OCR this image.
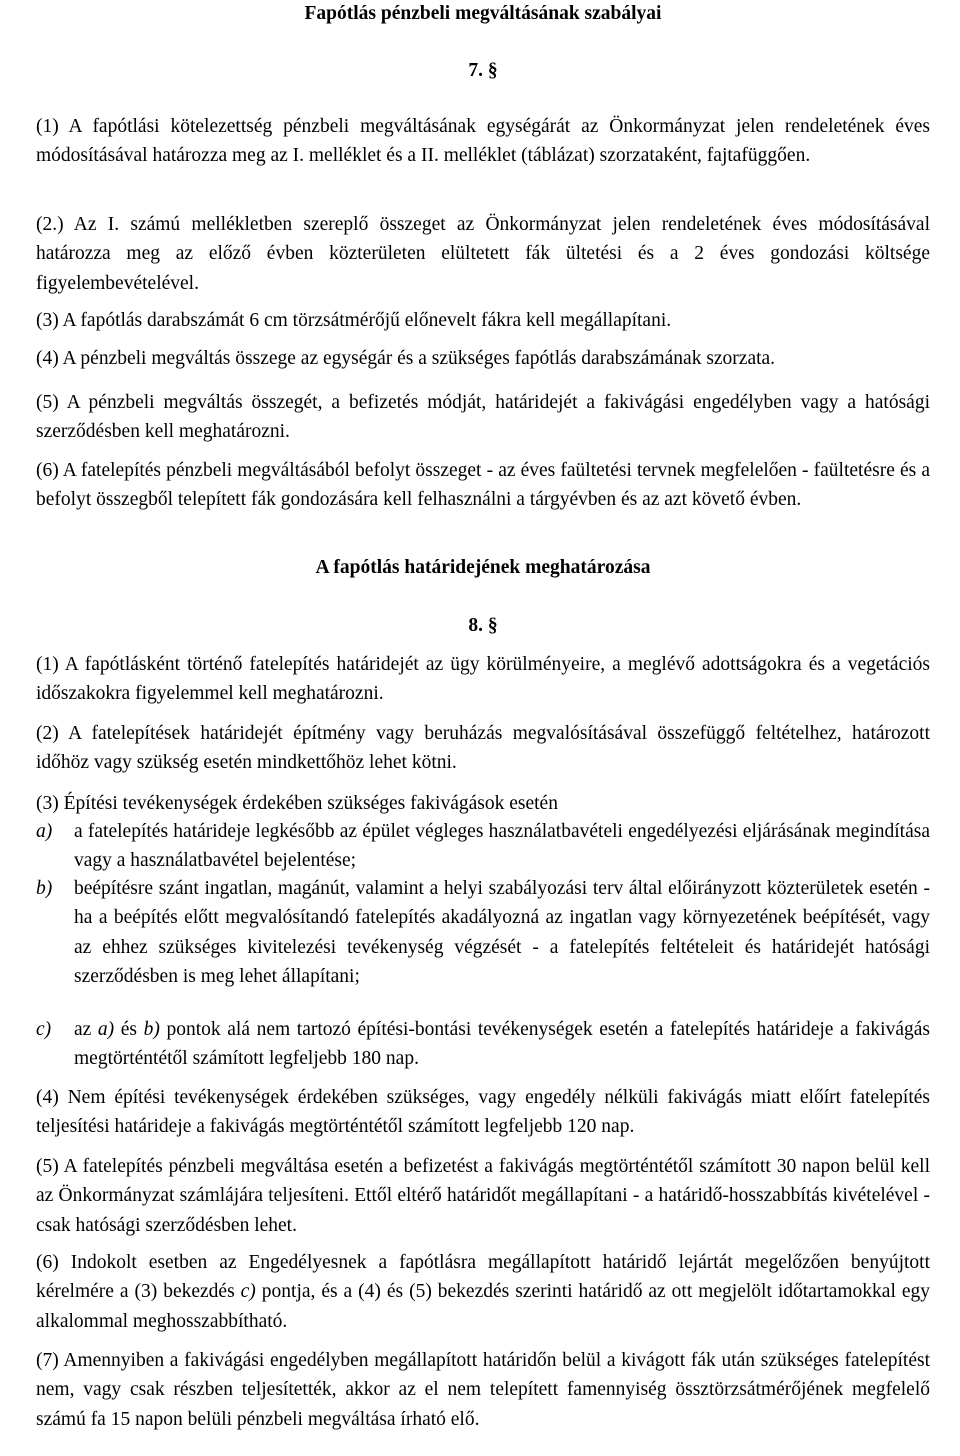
Fapótlás pénzbeli megváltásának szabályai

7. §

(1) A fapótlási kötelezettség pénzbeli megváltásának egységárát az Önkormányzat jelen rendeletének éves módosításával határozza meg az I. melléklet és a II. melléklet (táblázat) szorzataként, fajtafüggően.

(2.) Az I. számú mellékletben szereplő összeget az Önkormányzat jelen rendeletének éves módosításával határozza meg az előző évben közterületen elültetett fák ültetési és a 2 éves gondozási költsége figyelembevételével.

(3) A fapótlás darabszámát 6 cm törzsátmérőjű előnevelt fákra kell megállapítani.

(4) A pénzbeli megváltás összege az egységár és a szükséges fapótlás darabszámának szorzata.

(5) A pénzbeli megváltás összegét, a befizetés módját, határidejét a fakivágási engedélyben vagy a hatósági szerződésben kell meghatározni.

(6) A fatelepítés pénzbeli megváltásából befolyt összeget - az éves faültetési tervnek megfelelően - faültetésre és a befolyt összegből telepített fák gondozására kell felhasználni a tárgyévben és az azt követő évben.

A fapótlás határidejének meghatározása

8. §

(1) A fapótlásként történő fatelepítés határidejét az ügy körülményeire, a meglévő adottságokra és a vegetációs időszakokra figyelemmel kell meghatározni.

(2) A fatelepítések határidejét építmény vagy beruházás megvalósításával összefüggő feltételhez, határozott időhöz vagy szükség esetén mindkettőhöz lehet kötni.

(3) Építési tevékenységek érdekében szükséges fakivágások esetén

a) a fatelepítés határideje legkésőbb az épület végleges használatbavételi engedélyezési eljárásának megindítása vagy a használatbavétel bejelentése;
b) beépítésre szánt ingatlan, magánút, valamint a helyi szabályozási terv által előirányzott közterületek esetén - ha a beépítés előtt megvalósítandó fatelepítés akadályozná az ingatlan vagy környezetének beépítését, vagy az ehhez szükséges kivitelezési tevékenység végzését - a fatelepítés feltételeit és határidejét hatósági szerződésben is meg lehet állapítani;
c) az a) és b) pontok alá nem tartozó építési-bontási tevékenységek esetén a fatelepítés határideje a fakivágás megtörténtétől számított legfeljebb 180 nap.

(4) Nem építési tevékenységek érdekében szükséges, vagy engedély nélküli fakivágás miatt előírt fatelepítés teljesítési határideje a fakivágás megtörténtétől számított legfeljebb 120 nap.

(5) A fatelepítés pénzbeli megváltása esetén a befizetést a fakivágás megtörténtétől számított 30 napon belül kell az Önkormányzat számlájára teljesíteni. Ettől eltérő határidőt megállapítani - a határidő-hosszabbítás kivételével - csak hatósági szerződésben lehet.

(6) Indokolt esetben az Engedélyesnek a fapótlásra megállapított határidő lejártát megelőzően benyújtott kérelmére a (3) bekezdés c) pontja, és a (4) és (5) bekezdés szerinti határidő az ott megjelölt időtartamokkal egy alkalommal meghosszabbítható.

(7) Amennyiben a fakivágási engedélyben megállapított határidőn belül a kivágott fák után szükséges fatelepítést nem, vagy csak részben teljesítették, akkor az el nem telepített famennyiség össztörzsátmérőjének megfelelő számú fa 15 napon belüli pénzbeli megváltása írható elő.
